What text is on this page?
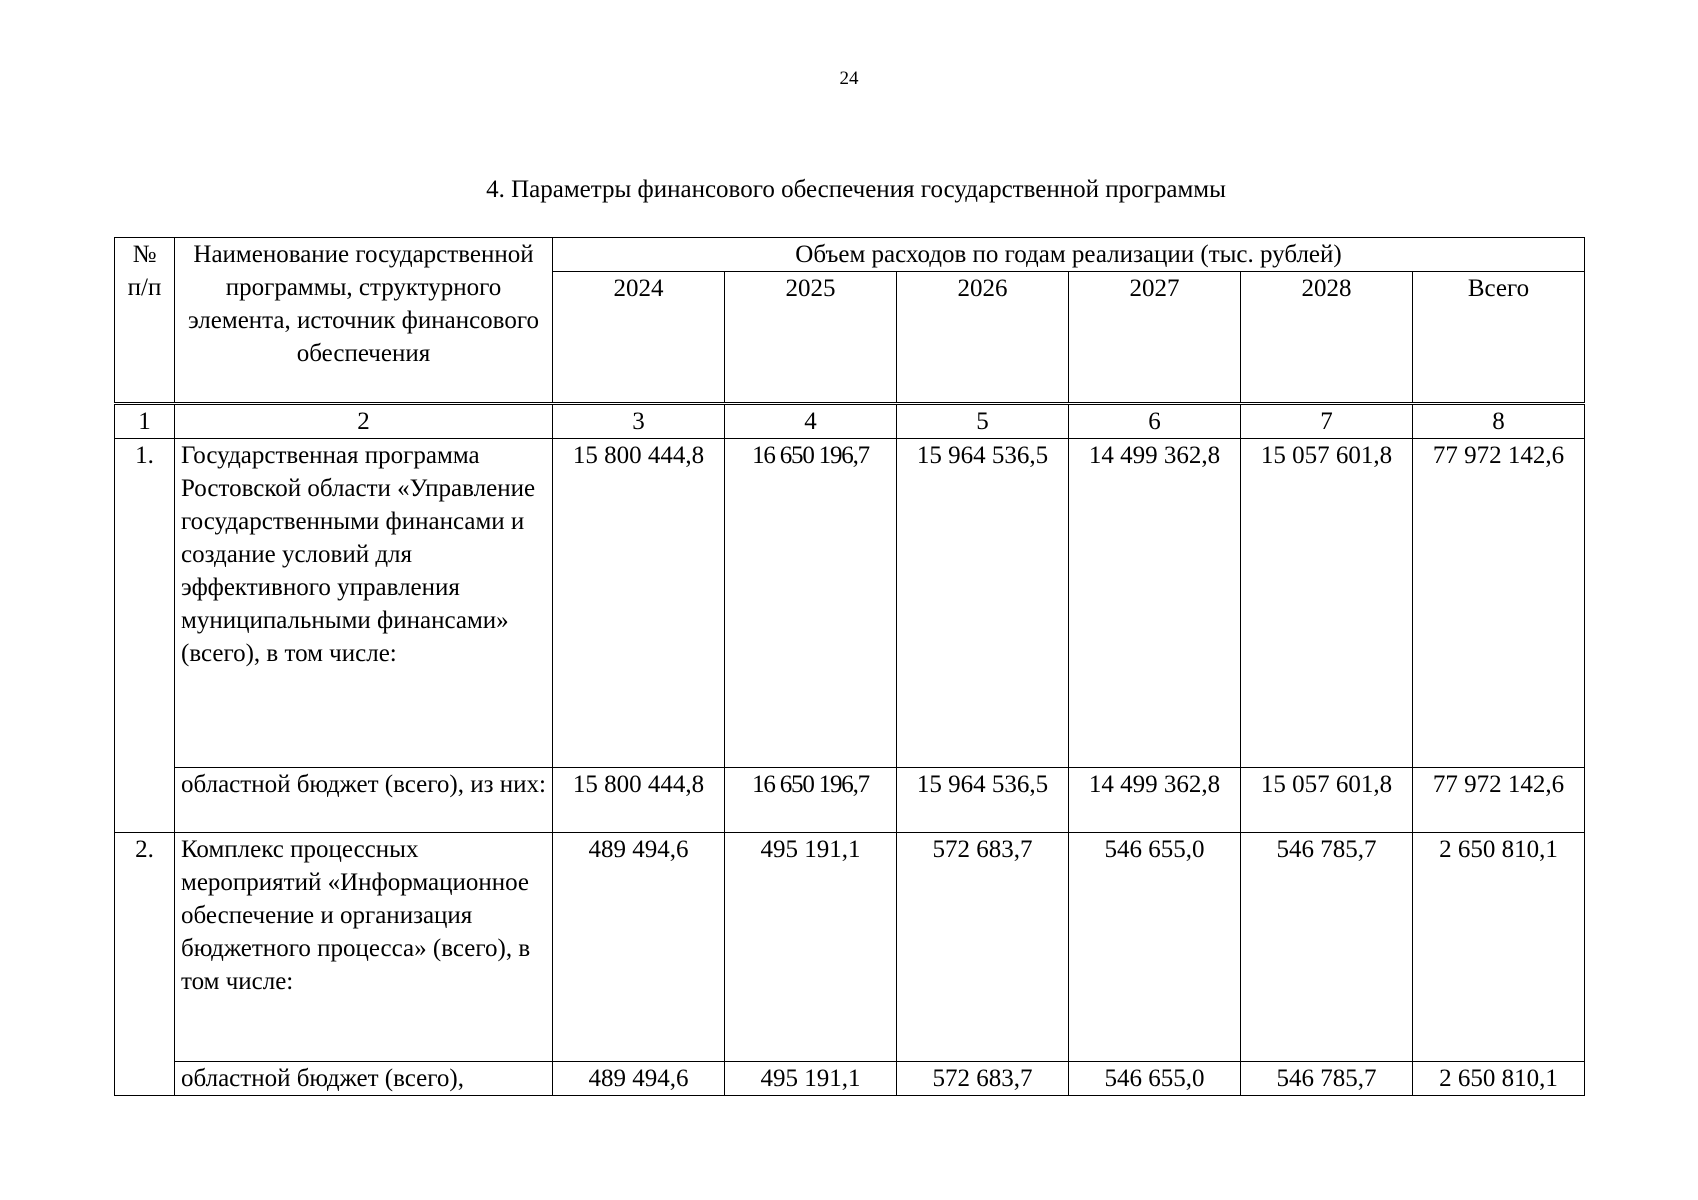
24
4. Параметры финансового обеспечения государственной программы
№ п/п	Наименование государственной программы, структурного элемента, источник финансового обеспечения	Объем расходов по годам реализации (тыс. рублей)					
		2024	2025	2026	2027	2028	Всего
1	2	3	4	5	6	7	8
1.	Государственная программа Ростовской области «Управление государственными финансами и создание условий для эффективного управления муниципальными финансами» (всего), в том числе:	15 800 444,8	16 650 196,7	15 964 536,5	14 499 362,8	15 057 601,8	77 972 142,6
	областной бюджет (всего), из них:	15 800 444,8	16 650 196,7	15 964 536,5	14 499 362,8	15 057 601,8	77 972 142,6
2.	Комплекс процессных мероприятий «Информационное обеспечение и организация бюджетного процесса» (всего), в том числе:	489 494,6	495 191,1	572 683,7	546 655,0	546 785,7	2 650 810,1
	областной бюджет (всего),	489 494,6	495 191,1	572 683,7	546 655,0	546 785,7	2 650 810,1
